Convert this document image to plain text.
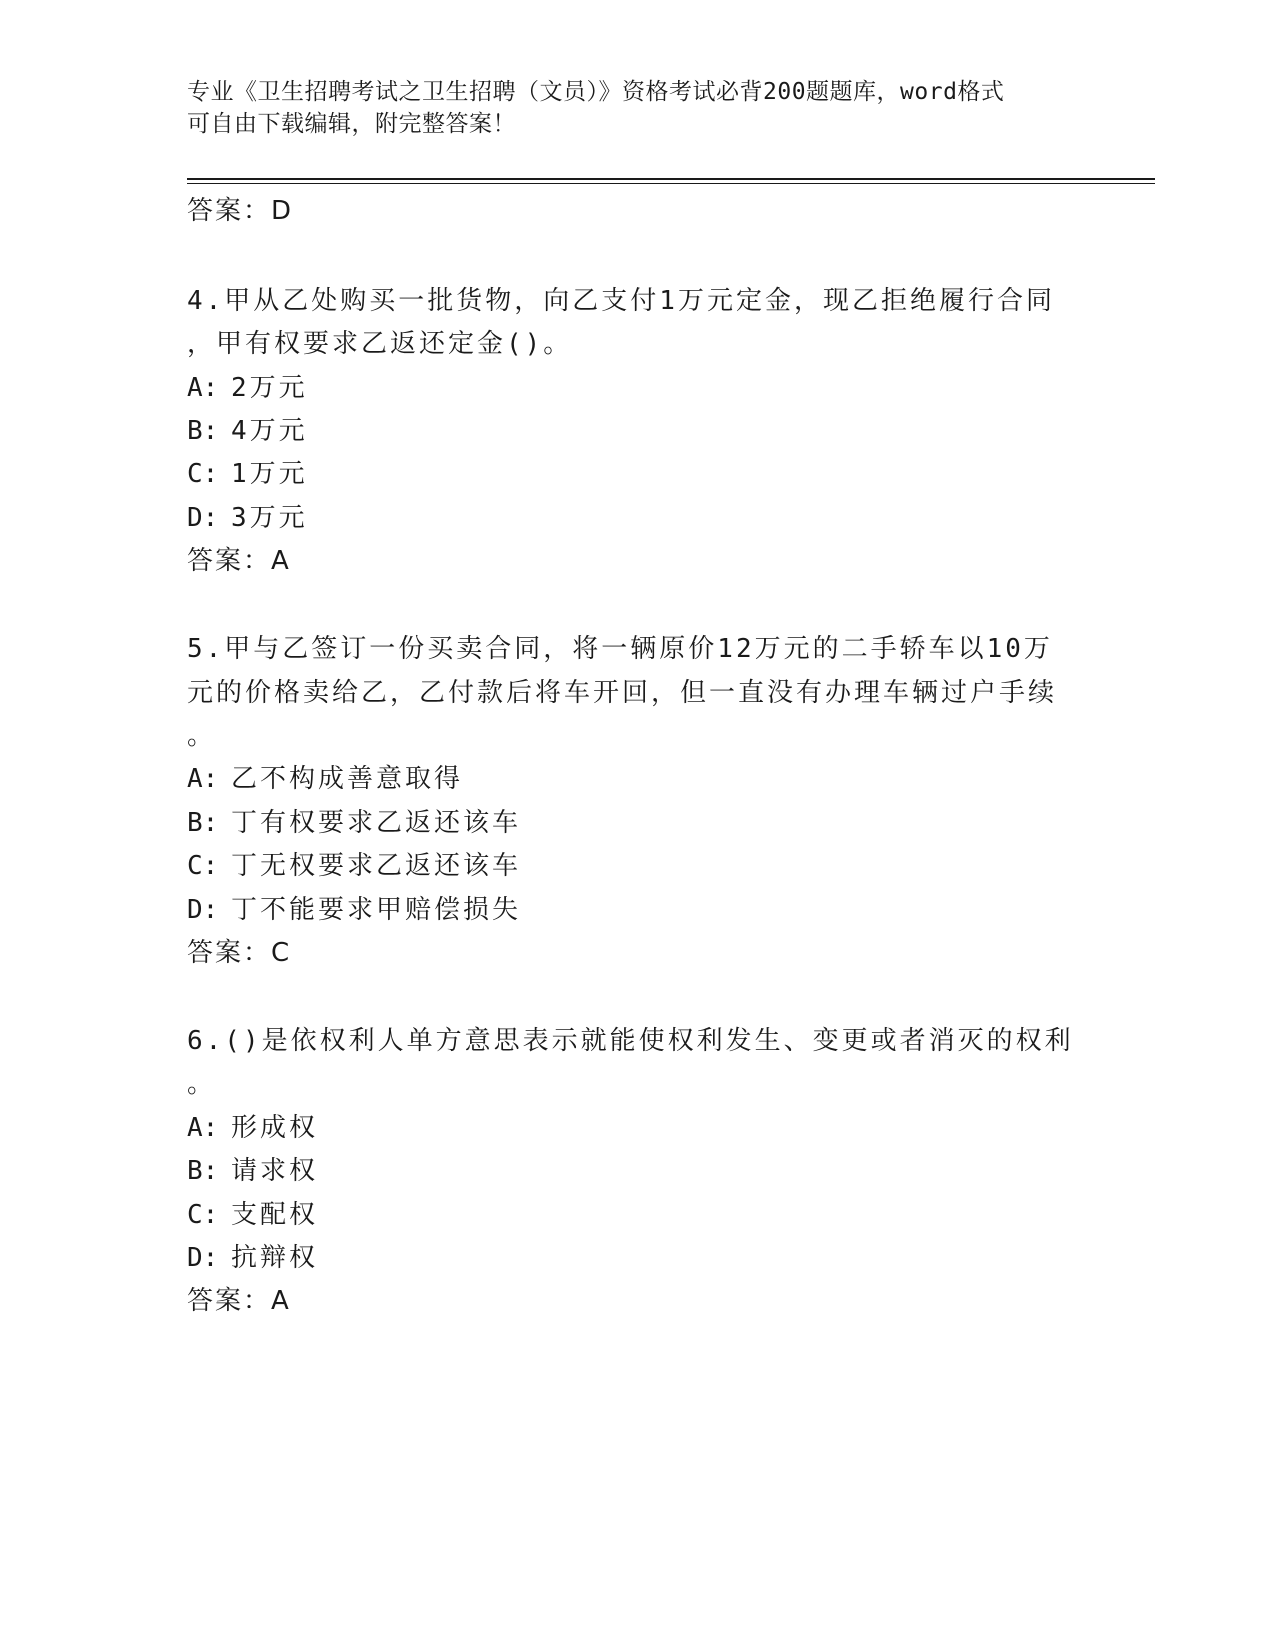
专业《卫生招聘考试之卫生招聘（文员）》资格考试必背200题题库，word格式
可自由下载编辑，附完整答案！
答案：D
4.甲从乙处购买一批货物，向乙支付1万元定金，现乙拒绝履行合同
，甲有权要求乙返还定金()。
A: 2万元
B: 4万元
C: 1万元
D: 3万元
答案：A
5.甲与乙签订一份买卖合同，将一辆原价12万元的二手轿车以10万
元的价格卖给乙，乙付款后将车开回，但一直没有办理车辆过户手续
。
A: 乙不构成善意取得
B: 丁有权要求乙返还该车
C: 丁无权要求乙返还该车
D: 丁不能要求甲赔偿损失
答案：C
6.()是依权利人单方意思表示就能使权利发生、变更或者消灭的权利
。
A: 形成权
B: 请求权
C: 支配权
D: 抗辩权
答案：A
